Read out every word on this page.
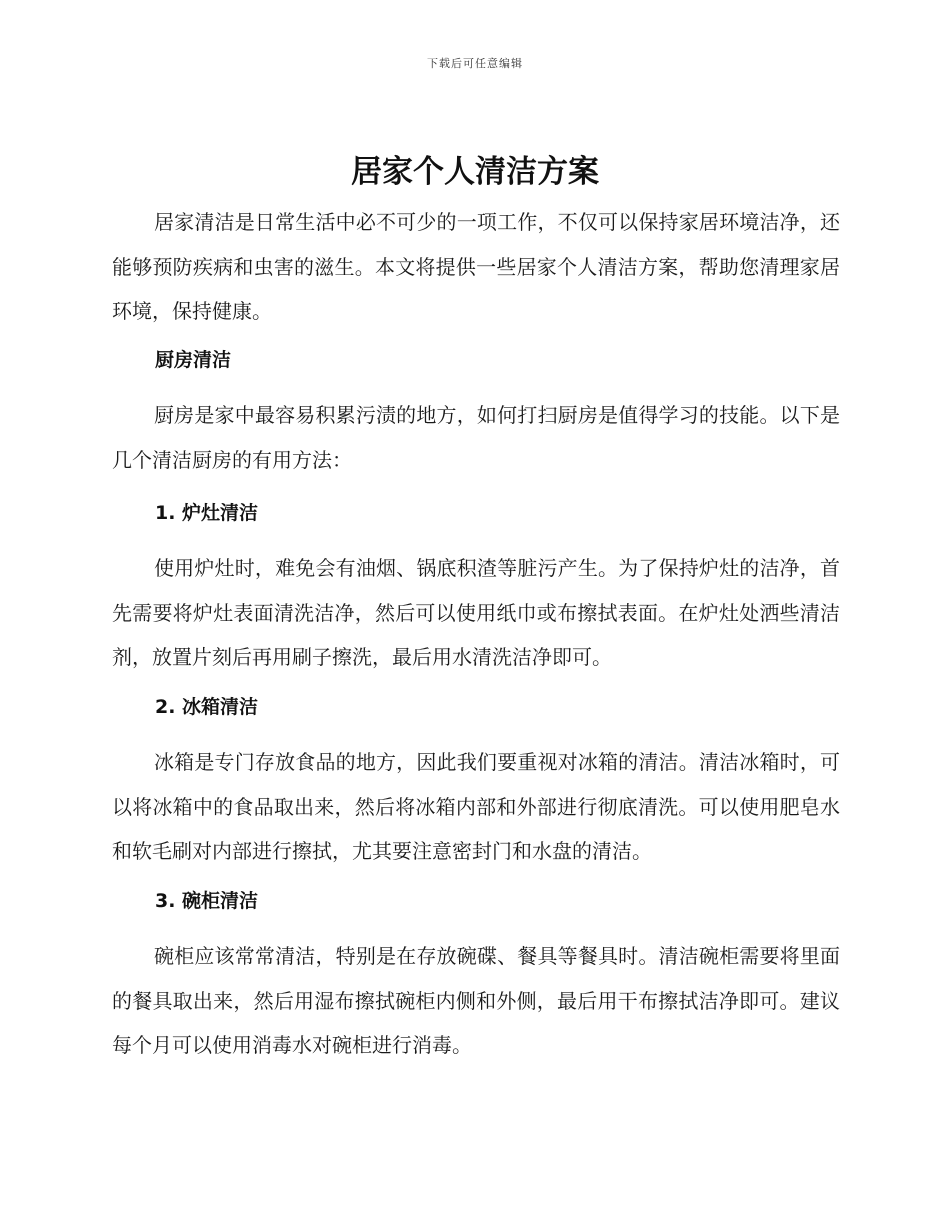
下载后可任意编辑
居家个人清洁方案

居家清洁是日常生活中必不可少的一项工作，不仅可以保持家居环境洁净，还能够预防疾病和虫害的滋生。本文将提供一些居家个人清洁方案，帮助您清理家居环境，保持健康。

厨房清洁

厨房是家中最容易积累污渍的地方，如何打扫厨房是值得学习的技能。以下是几个清洁厨房的有用方法：

1. 炉灶清洁

使用炉灶时，难免会有油烟、锅底积渣等脏污产生。为了保持炉灶的洁净，首先需要将炉灶表面清洗洁净，然后可以使用纸巾或布擦拭表面。在炉灶处洒些清洁剂，放置片刻后再用刷子擦洗，最后用水清洗洁净即可。

2. 冰箱清洁

冰箱是专门存放食品的地方，因此我们要重视对冰箱的清洁。清洁冰箱时，可以将冰箱中的食品取出来，然后将冰箱内部和外部进行彻底清洗。可以使用肥皂水和软毛刷对内部进行擦拭，尤其要注意密封门和水盘的清洁。

3. 碗柜清洁

碗柜应该常常清洁，特别是在存放碗碟、餐具等餐具时。清洁碗柜需要将里面的餐具取出来，然后用湿布擦拭碗柜内侧和外侧，最后用干布擦拭洁净即可。建议每个月可以使用消毒水对碗柜进行消毒。
